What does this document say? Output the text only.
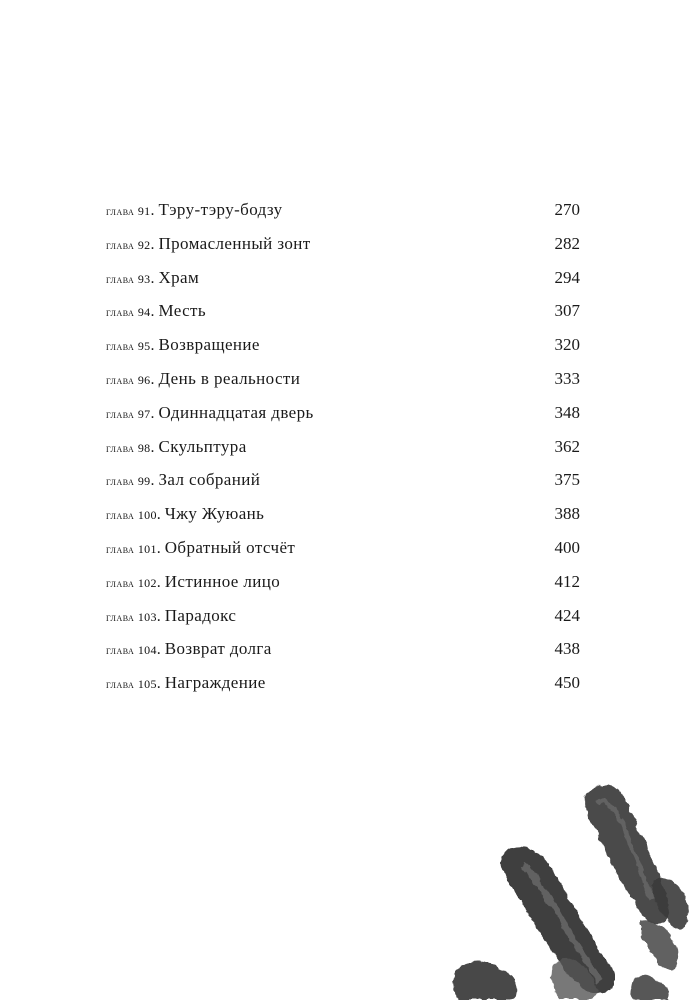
глава 91. Тэру-тэру-бодзу	270
глава 92. Промасленный зонт	282
глава 93. Храм	294
глава 94. Месть	307
глава 95. Возвращение	320
глава 96. День в реальности	333
глава 97. Одиннадцатая дверь	348
глава 98. Скульптура	362
глава 99. Зал собраний	375
глава 100. Чжу Жуюань	388
глава 101. Обратный отсчёт	400
глава 102. Истинное лицо	412
глава 103. Парадокс	424
глава 104. Возврат долга	438
глава 105. Награждение	450
